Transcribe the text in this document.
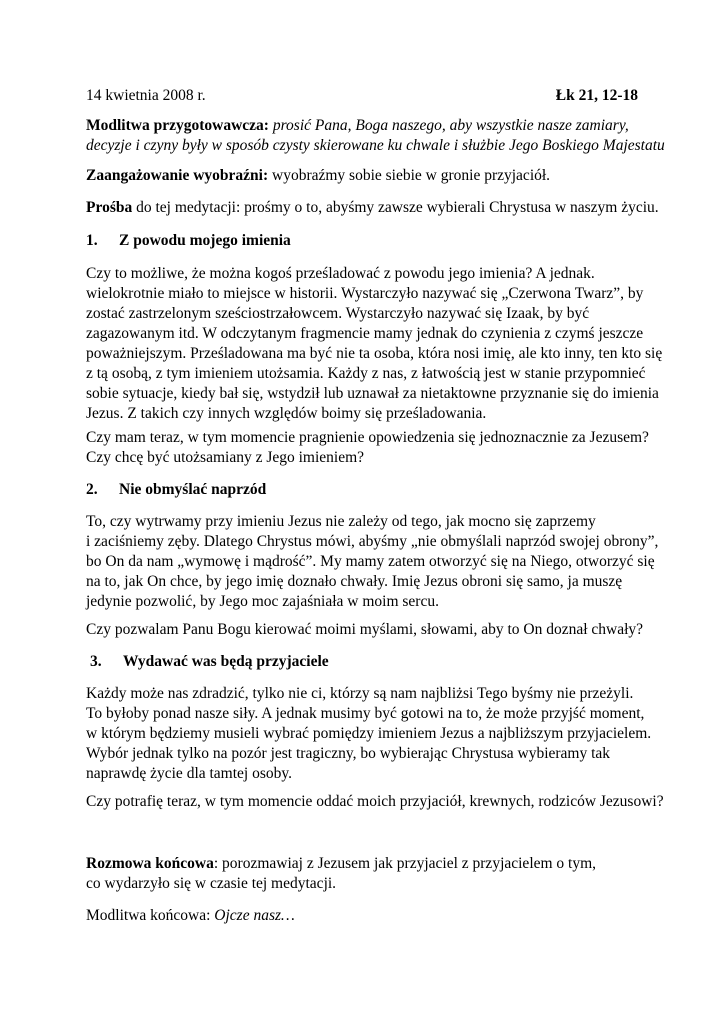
14 kwietnia 2008 r.	Łk 21, 12-18
Modlitwa przygotowawcza: prosić Pana, Boga naszego, aby wszystkie nasze zamiary,
decyzje i czyny były w sposób czysty skierowane ku chwale i służbie Jego Boskiego Majestatu
Zaangażowanie wyobraźni: wyobraźmy sobie siebie w gronie przyjaciół.
Prośba do tej medytacji: prośmy o to, abyśmy zawsze wybierali Chrystusa w naszym życiu.
1.	Z powodu mojego imienia
Czy to możliwe, że można kogoś prześladować z powodu jego imienia? A jednak.
wielokrotnie miało to miejsce w historii. Wystarczyło nazywać się „Czerwona Twarz”, by
zostać zastrzelonym sześciostrzałowcem. Wystarczyło nazywać się Izaak, by być
zagazowanym itd. W odczytanym fragmencie mamy jednak do czynienia z czymś jeszcze
poważniejszym. Prześladowana ma być nie ta osoba, która nosi imię, ale kto inny, ten kto się
z tą osobą, z tym imieniem utożsamia. Każdy z nas, z łatwością jest w stanie przypomnieć
sobie sytuacje, kiedy bał się, wstydził lub uznawał za nietaktowne przyznanie się do imienia
Jezus. Z takich czy innych względów boimy się prześladowania.
Czy mam teraz, w tym momencie pragnienie opowiedzenia się jednoznacznie za Jezusem?
Czy chcę być utożsamiany z Jego imieniem?
2.	Nie obmyślać naprzód
To, czy wytrwamy przy imieniu Jezus nie zależy od tego, jak mocno się zaprzemy
i zaciśniemy zęby. Dlatego Chrystus mówi, abyśmy „nie obmyślali naprzód swojej obrony”,
bo On da nam „wymowę i mądrość”. My mamy zatem otworzyć się na Niego, otworzyć się
na to, jak On chce, by jego imię doznało chwały. Imię Jezus obroni się samo, ja muszę
jedynie pozwolić, by Jego moc zajaśniała w moim sercu.
Czy pozwalam Panu Bogu kierować moimi myślami, słowami, aby to On doznał chwały?
3.	Wydawać was będą przyjaciele
Każdy może nas zdradzić, tylko nie ci, którzy są nam najbliżsi Tego byśmy nie przeżyli.
To byłoby ponad nasze siły. A jednak musimy być gotowi na to, że może przyjść moment,
w którym będziemy musieli wybrać pomiędzy imieniem Jezus a najbliższym przyjacielem.
Wybór jednak tylko na pozór jest tragiczny, bo wybierając Chrystusa wybieramy tak
naprawdę życie dla tamtej osoby.
Czy potrafię teraz, w tym momencie oddać moich przyjaciół, krewnych, rodziców Jezusowi?
Rozmowa końcowa: porozmawiaj z Jezusem jak przyjaciel z przyjacielem o tym,
co wydarzyło się w czasie tej medytacji.
Modlitwa końcowa: Ojcze nasz…
